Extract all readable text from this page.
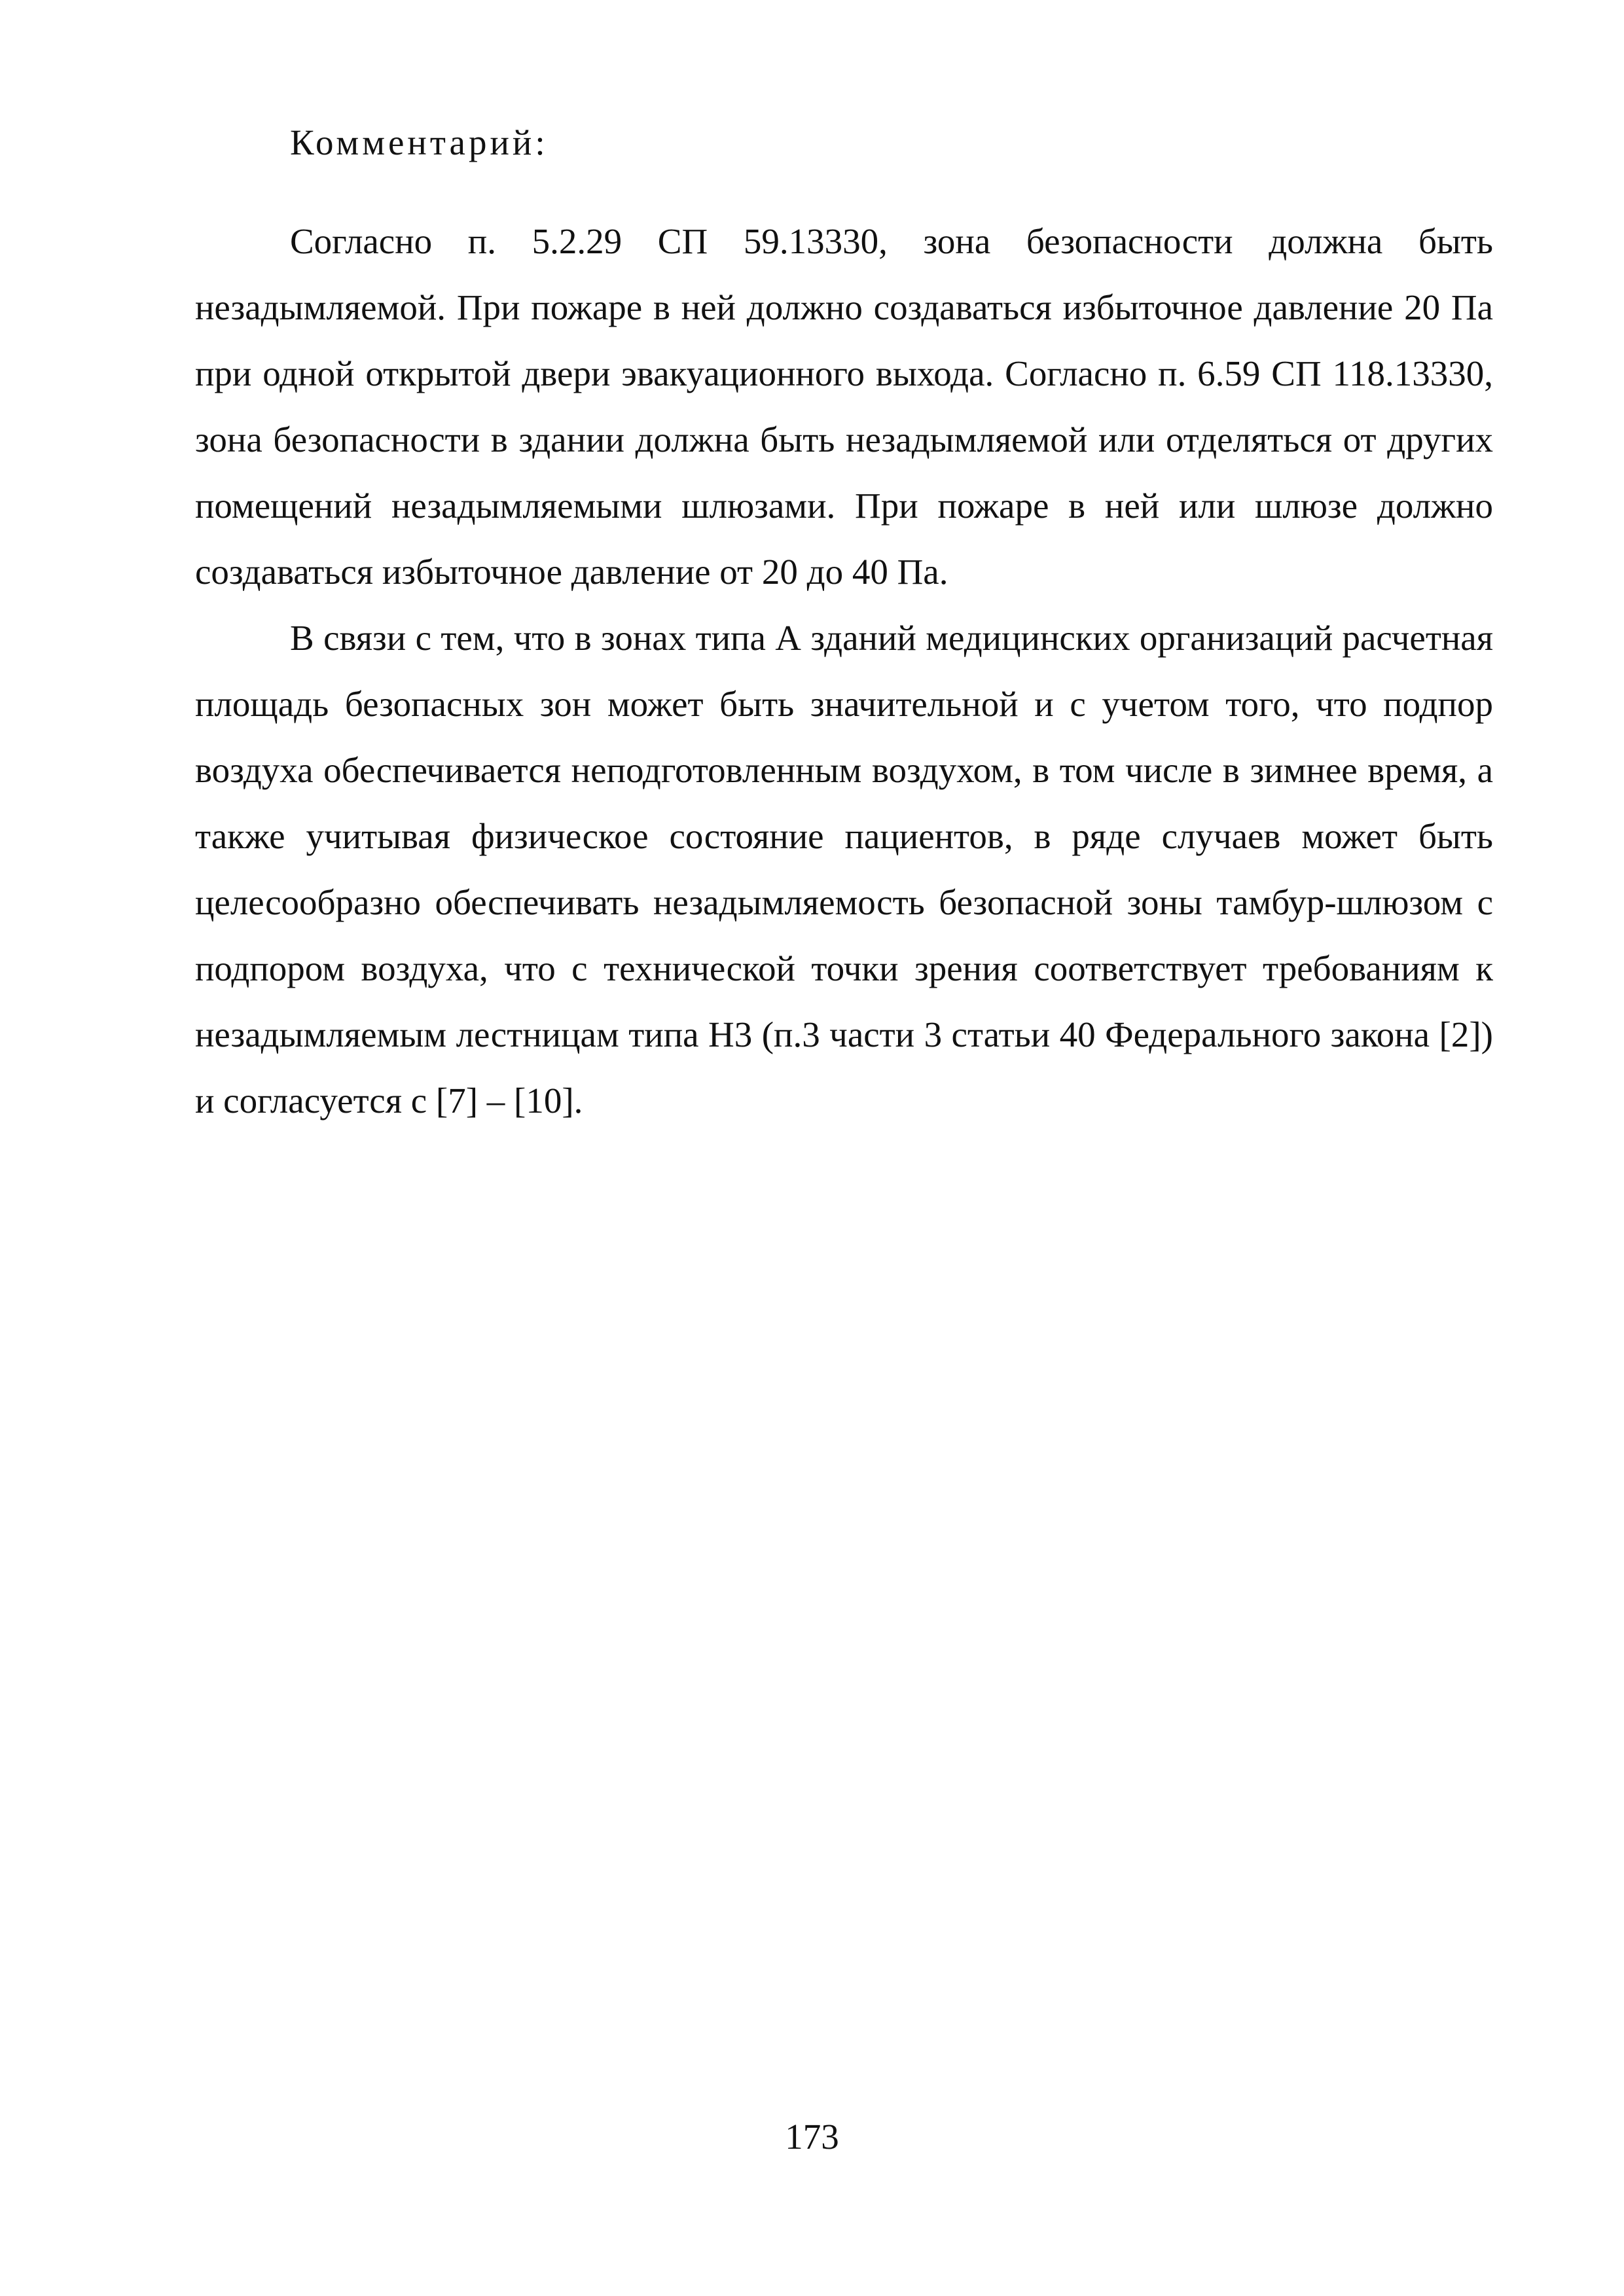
Комментарий:

Согласно п. 5.2.29 СП 59.13330, зона безопасности должна быть незадымляемой. При пожаре в ней должно создаваться избыточное давление 20 Па при одной открытой двери эвакуационного выхода. Согласно п. 6.59 СП 118.13330, зона безопасности в здании должна быть незадымляемой или отделяться от других помещений незадымляемыми шлюзами. При пожаре в ней или шлюзе должно создаваться избыточное давление от 20 до 40 Па.

В связи с тем, что в зонах типа А зданий медицинских организаций расчетная площадь безопасных зон может быть значительной и с учетом того, что подпор воздуха обеспечивается неподготовленным воздухом, в том числе в зимнее время, а также учитывая физическое состояние пациентов, в ряде случаев может быть целесообразно обеспечивать незадымляемость безопасной зоны тамбур-шлюзом с подпором воздуха, что с технической точки зрения соответствует требованиям к незадымляемым лестницам типа Н3 (п.3 части 3 статьи 40 Федерального закона [2]) и согласуется с [7] – [10].

173
